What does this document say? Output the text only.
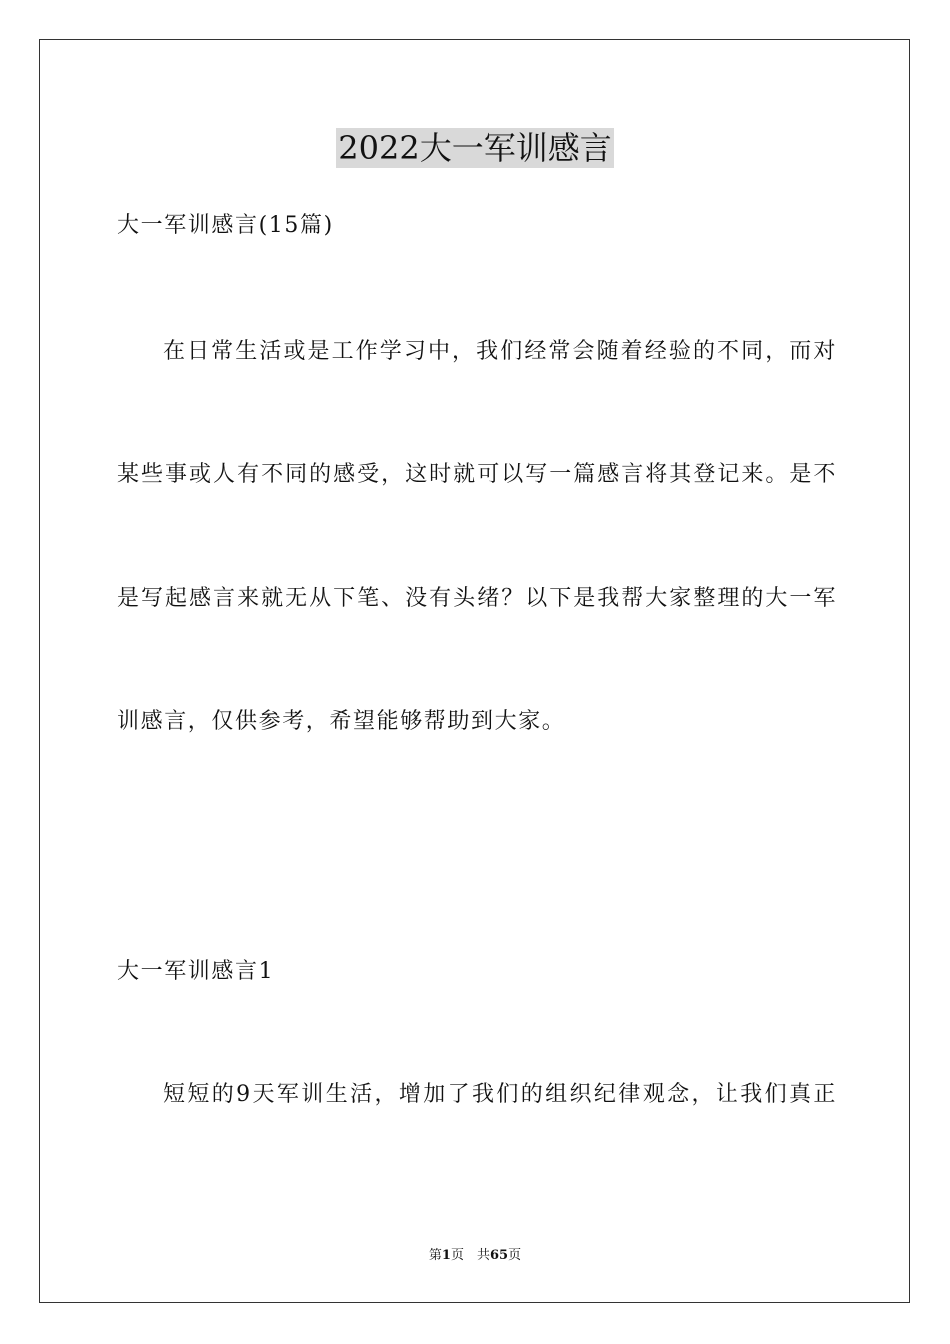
2022大一军训感言
大一军训感言(15篇)
在日常生活或是工作学习中，我们经常会随着经验的不同，而对
某些事或人有不同的感受，这时就可以写一篇感言将其登记来。是不
是写起感言来就无从下笔、没有头绪？以下是我帮大家整理的大一军
训感言，仅供参考，希望能够帮助到大家。
大一军训感言1
短短的9天军训生活，增加了我们的组织纪律观念，让我们真正
第1页　共65页
